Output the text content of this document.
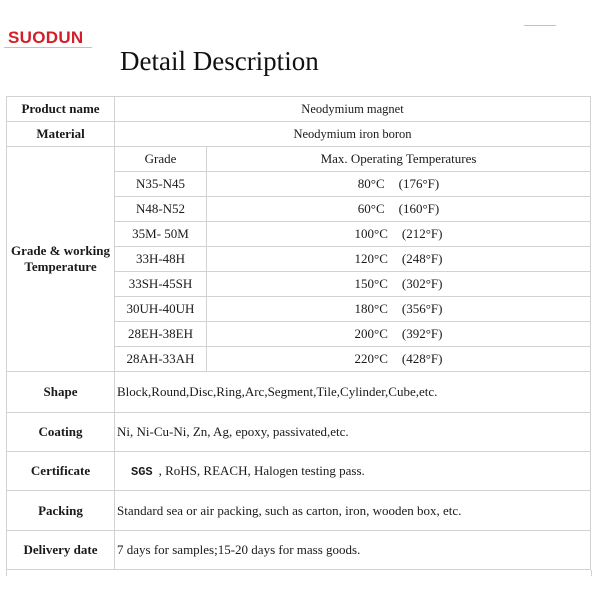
SUODUN
Detail Description
Product name	Neodymium magnet	
Material	Neodymium iron boron	
Grade & working
Temperature	Grade	Max. Operating Temperatures
	N35-N45	80°C (176°F)
	N48-N52	60°C (160°F)
	35M- 50M	100°C (212°F)
	33H-48H	120°C (248°F)
	33SH-45SH	150°C (302°F)
	30UH-40UH	180°C (356°F)
	28EH-38EH	200°C (392°F)
	28AH-33AH	220°C (428°F)
Shape	Block,Round,Disc,Ring,Arc,Segment,Tile,Cylinder,Cube,etc.	
Coating	Ni, Ni-Cu-Ni, Zn, Ag, epoxy, passivated,etc.	
Certificate	SGS , RoHS, REACH, Halogen testing pass.	
Packing	Standard sea or air packing, such as carton, iron, wooden box, etc.	
Delivery date	7 days for samples;15-20 days for mass goods.	
